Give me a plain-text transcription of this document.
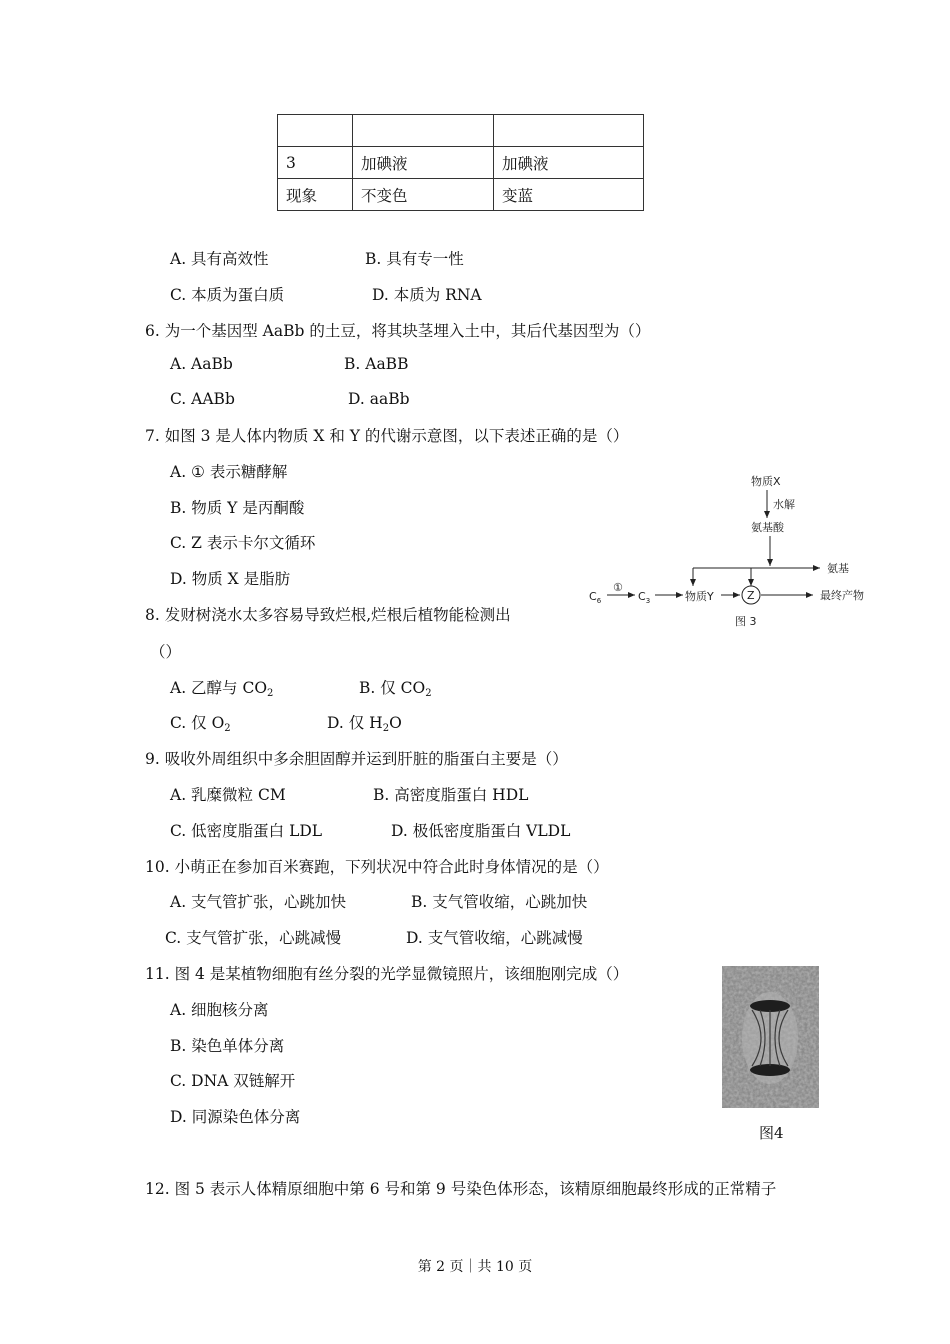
3	加碘液	加碘液
现象	不变色	变蓝
A. 具有高效性	B. 具有专一性
C. 本质为蛋白质	D. 本质为 RNA
6. 为一个基因型 AaBb 的土豆，将其块茎埋入土中，其后代基因型为（）
A. AaBb	B. AaBB
C. AABb	D. aaBb
7. 如图 3 是人体内物质 X 和 Y 的代谢示意图，以下表述正确的是（）
A. ① 表示糖酵解
B. 物质 Y 是丙酮酸
C. Z 表示卡尔文循环
D. 物质 X 是脂肪
物质X
水解
氨基酸
氨基
$C_6$
①
$C_3$	物质Y	Z	最终产物
图 3
8. 发财树浇水太多容易导致烂根,烂根后植物能检测出
（）
A. 乙醇与 $CO_2$	B. 仅 $CO_2$
C. 仅 $O_2$	D. 仅 $H_2O$
9. 吸收外周组织中多余胆固醇并运到肝脏的脂蛋白主要是（）
A. 乳糜微粒 CM	B. 高密度脂蛋白 HDL
C. 低密度脂蛋白 LDL	D. 极低密度脂蛋白 VLDL
10. 小萌正在参加百米赛跑，下列状况中符合此时身体情况的是（）
A. 支气管扩张，心跳加快	B. 支气管收缩，心跳加快
C. 支气管扩张，心跳减慢	D. 支气管收缩，心跳减慢
11. 图 4 是某植物细胞有丝分裂的光学显微镜照片，该细胞刚完成（）
A. 细胞核分离
B. 染色单体分离
C. DNA 双链解开
D. 同源染色体分离
图4
12. 图 5 表示人体精原细胞中第 6 号和第 9 号染色体形态，该精原细胞最终形成的正常精子
第 2 页｜共 10 页
